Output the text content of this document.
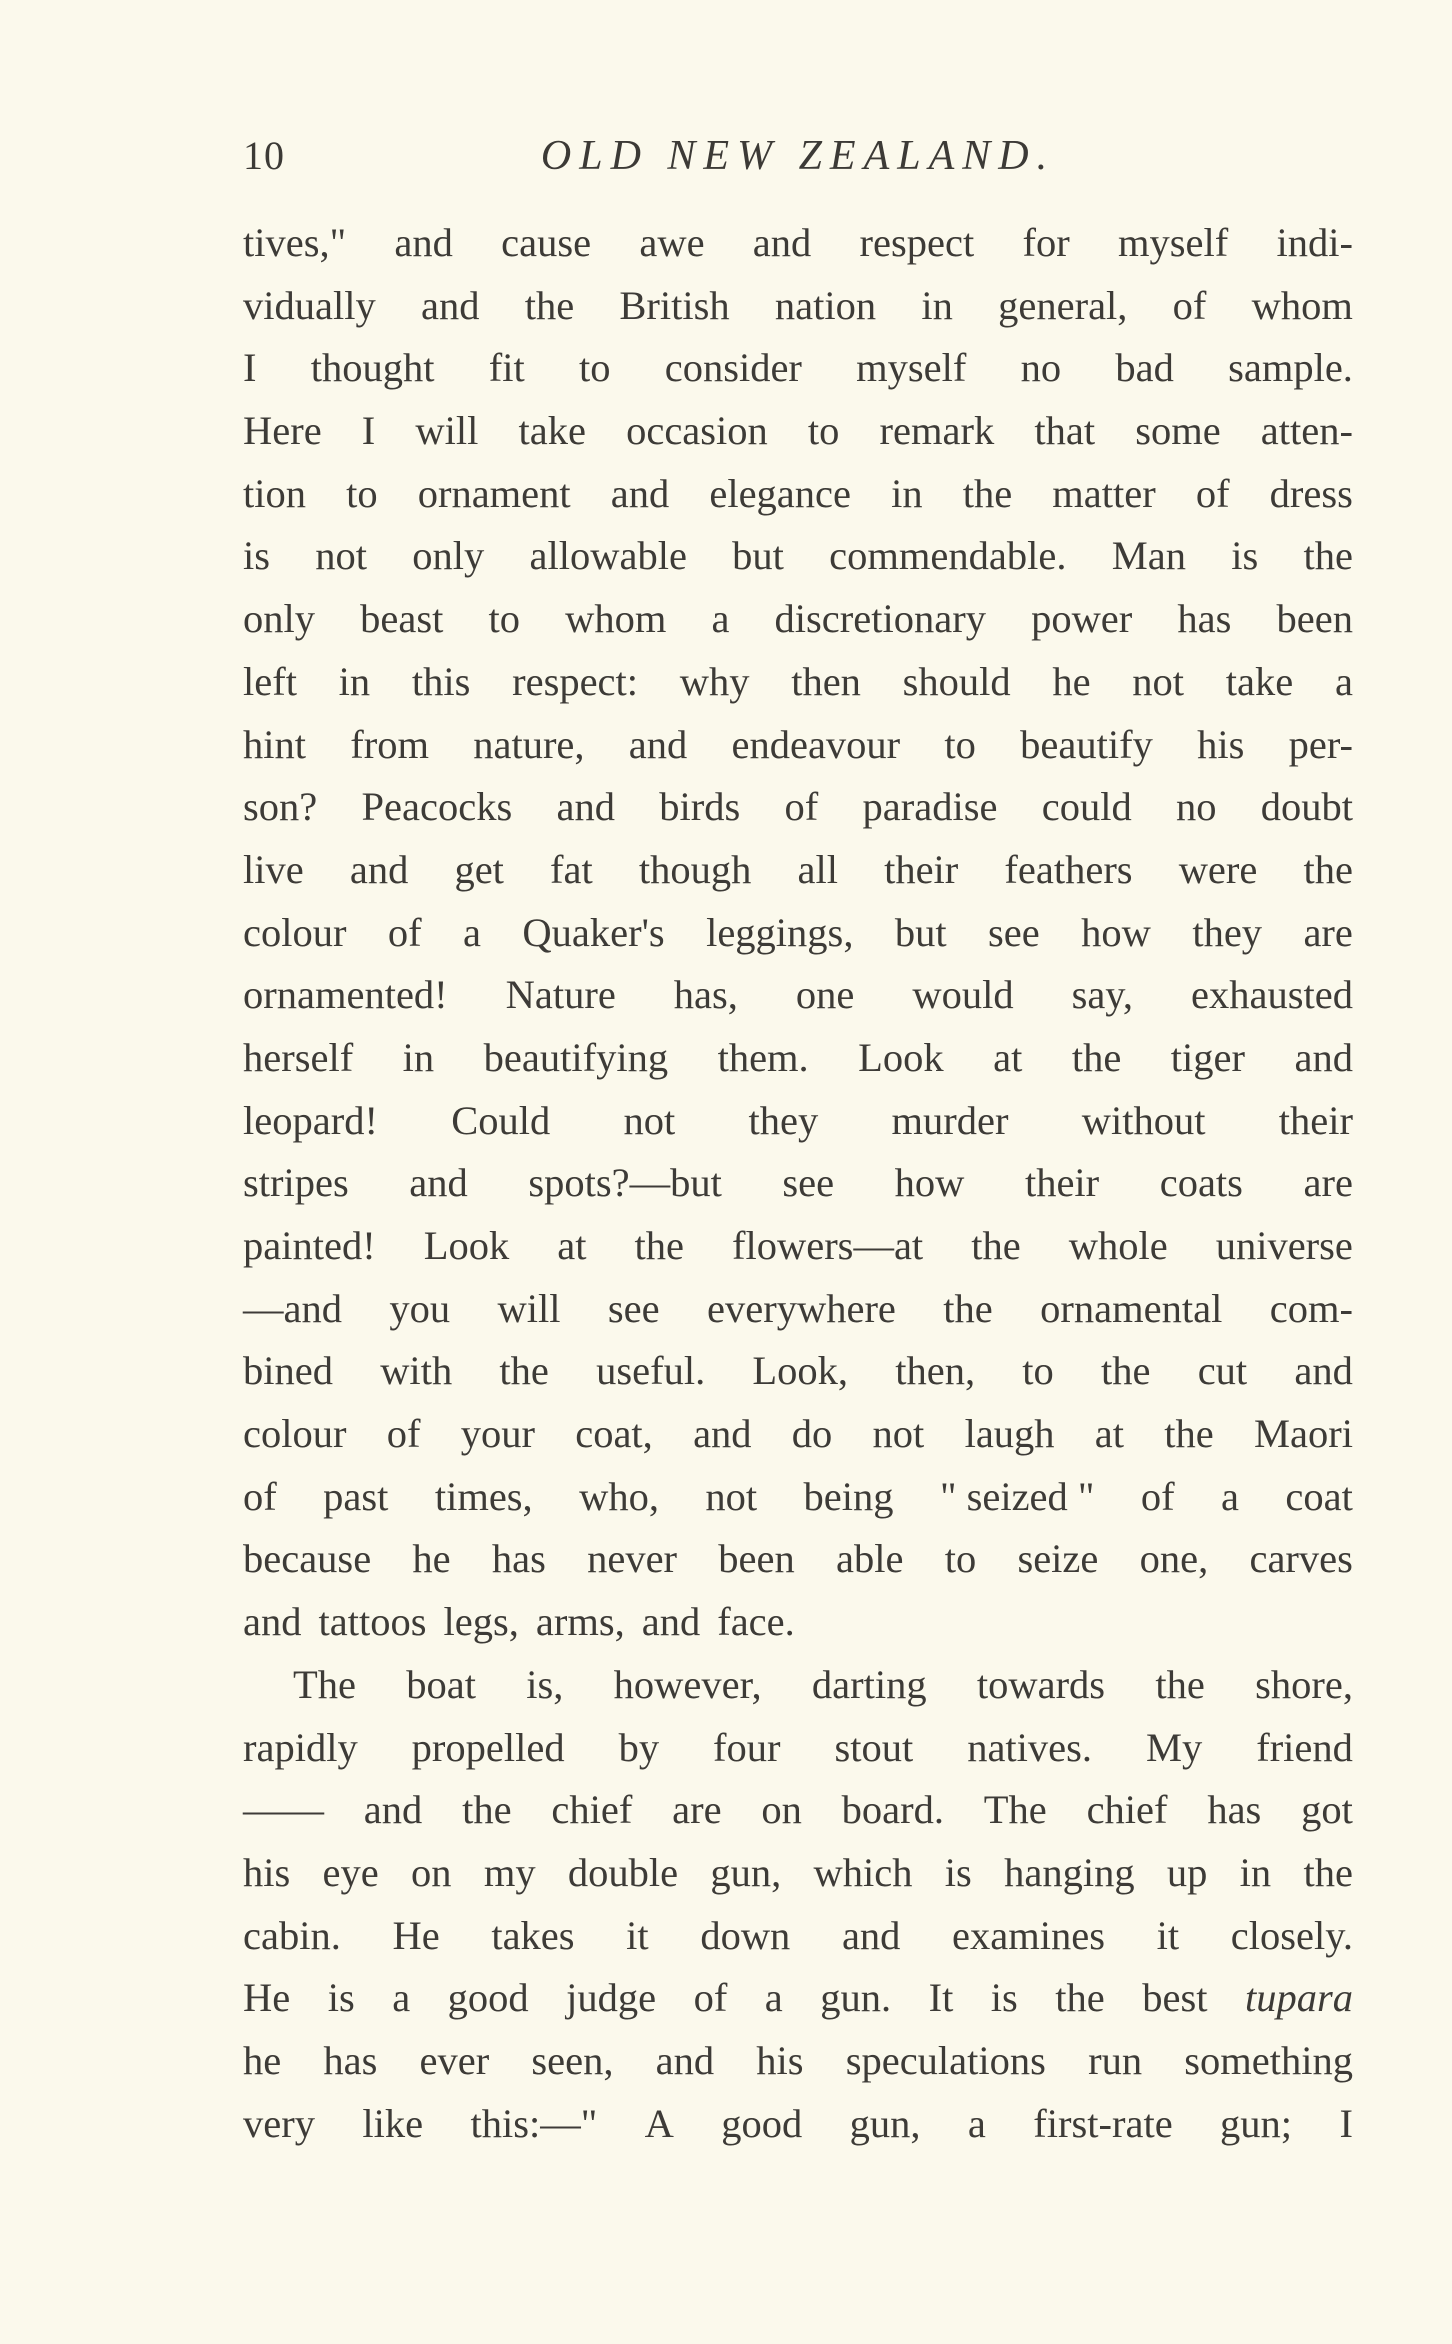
10	OLD NEW ZEALAND.
tives," and cause awe and respect for myself indi-
vidually and the British nation in general, of whom
I thought fit to consider myself no bad sample.
Here I will take occasion to remark that some atten-
tion to ornament and elegance in the matter of dress
is not only allowable but commendable. Man is the
only beast to whom a discretionary power has been
left in this respect: why then should he not take a
hint from nature, and endeavour to beautify his per-
son? Peacocks and birds of paradise could no doubt
live and get fat though all their feathers were the
colour of a Quaker's leggings, but see how they are
ornamented! Nature has, one would say, exhausted
herself in beautifying them. Look at the tiger and
leopard! Could not they murder without their
stripes and spots?—but see how their coats are
painted! Look at the flowers—at the whole universe
—and you will see everywhere the ornamental com-
bined with the useful. Look, then, to the cut and
colour of your coat, and do not laugh at the Maori
of past times, who, not being " seized " of a coat
because he has never been able to seize one, carves
and tattoos legs, arms, and face.
The boat is, however, darting towards the shore,
rapidly propelled by four stout natives. My friend
—— and the chief are on board. The chief has got
his eye on my double gun, which is hanging up in the
cabin. He takes it down and examines it closely.
He is a good judge of a gun. It is the best tupara
he has ever seen, and his speculations run something
very like this:—" A good gun, a first-rate gun; I
